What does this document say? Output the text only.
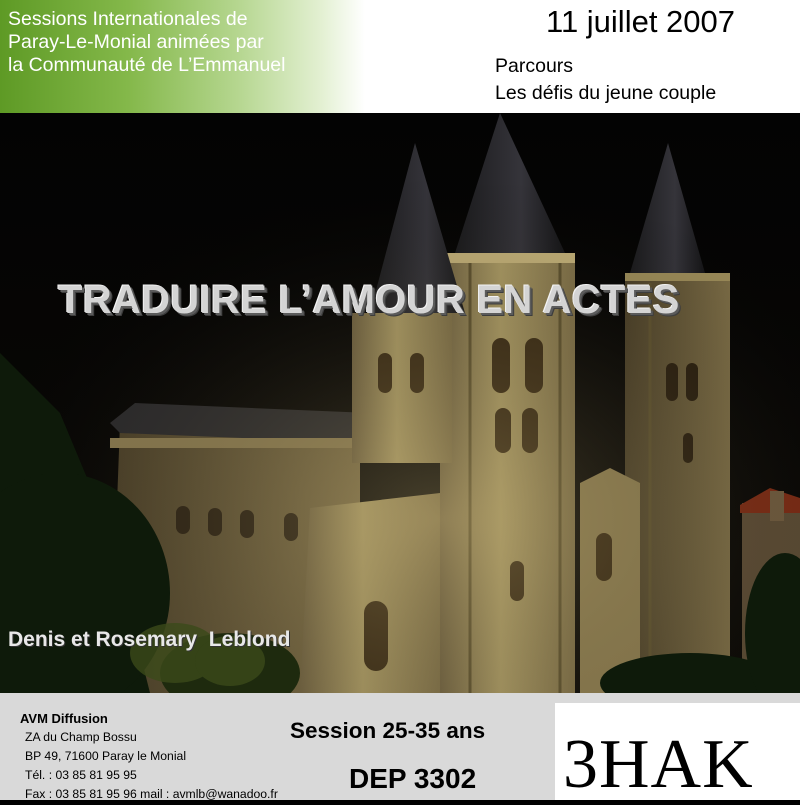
Sessions Internationales de
Paray-Le-Monial animées par
la Communauté de L’Emmanuel
11 juillet 2007
Parcours
Les défis du jeune couple
TRADUIRE L’AMOUR EN ACTES
Denis et Rosemary  Leblond
AVM Diffusion
ZA du Champ Bossu
BP 49, 71600 Paray le Monial
Tél. : 03 85 81 95 95
Fax : 03 85 81 95 96 mail : avmlb@wanadoo.fr
Session 25-35 ans
DEP 3302 3HAK
